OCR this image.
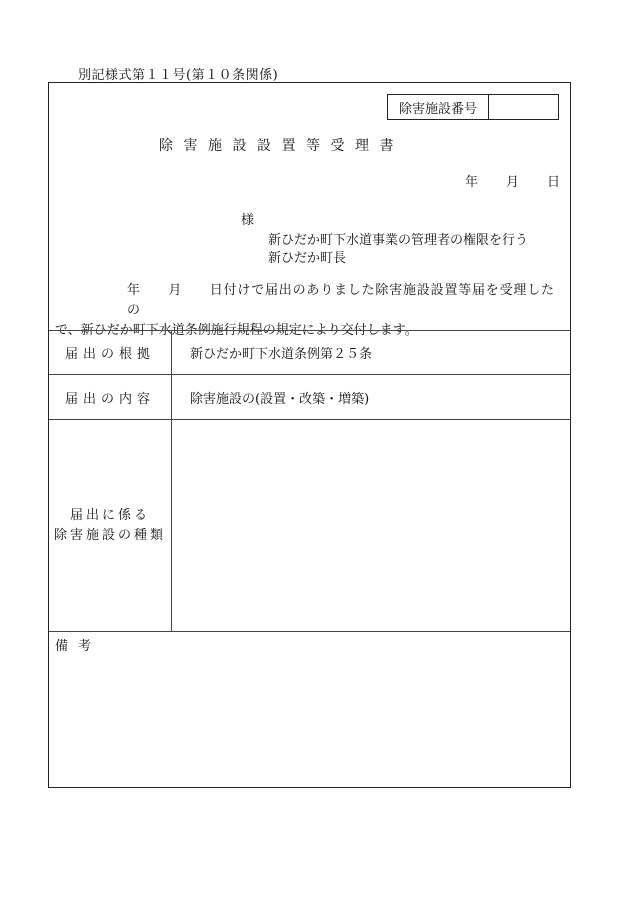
別記様式第１１号(第１０条関係)
除害施設番号
除害施設設置等受理書
年 月 日
様
新ひだか町下水道事業の管理者の権限を行う
新ひだか町長
年　　月　　日付けで届出のありました除害施設設置等届を受理したの
で、新ひだか町下水道条例施行規程の規定により交付します。
届出の根拠	新ひだか町下水道条例第２５条
届出の内容	除害施設の(設置・改築・増築)
届出に係る
除害施設の種類
備考
